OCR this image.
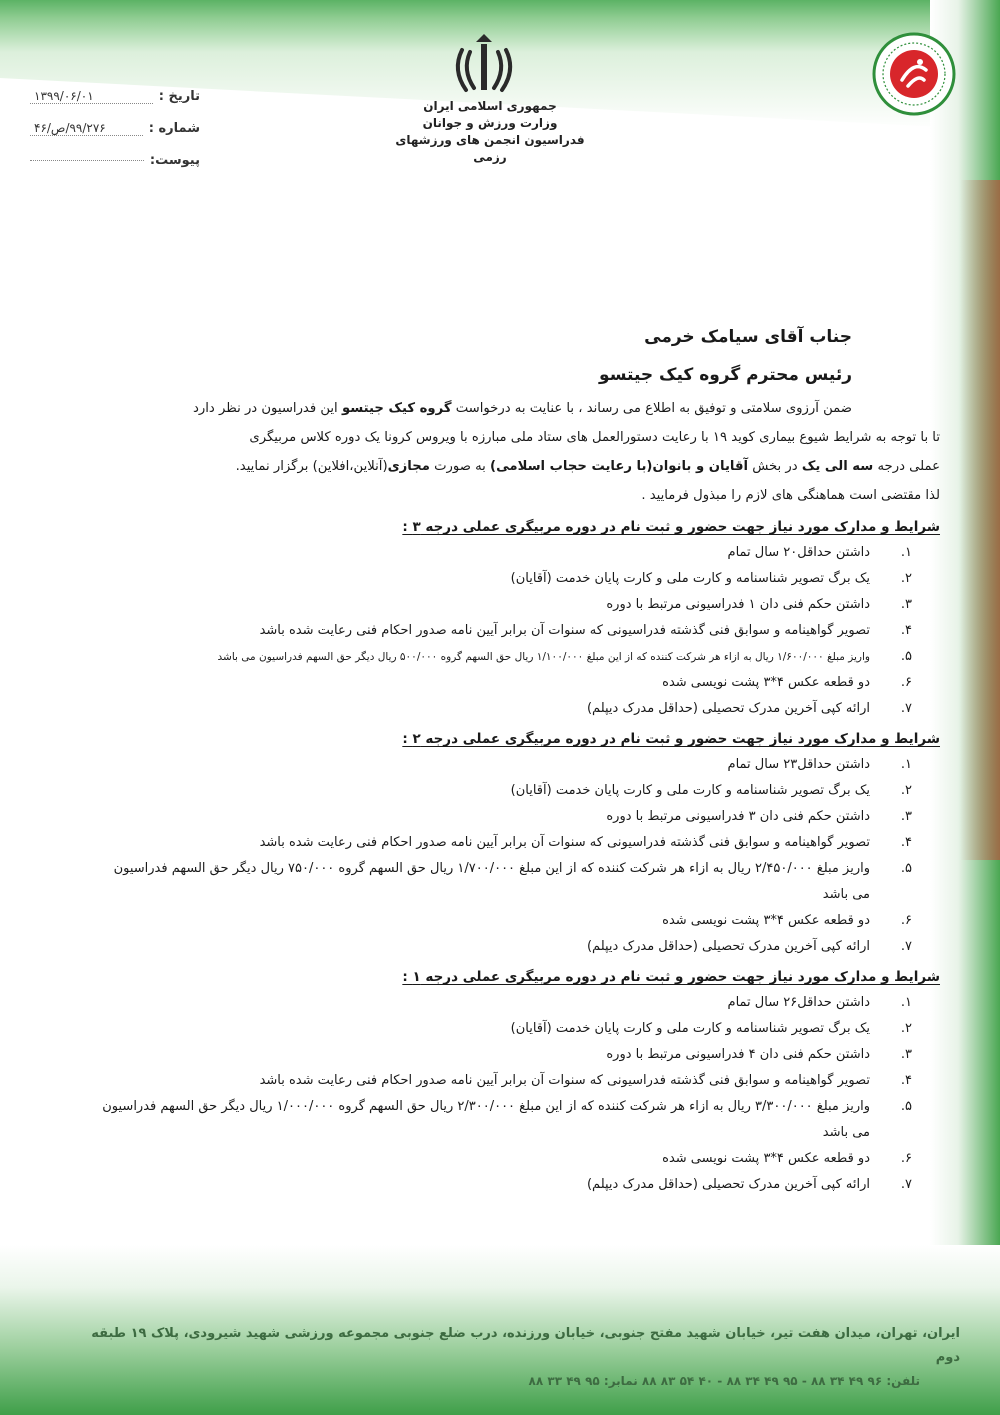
جمهوری اسلامی ایران
وزارت ورزش و جوانان
فدراسیون انجمن های ورزشهای رزمی
تاریخ :
۱۳۹۹/۰۶/۰۱
شماره :
۹۹/۲۷۶/ص/۴۶
پیوست:
جناب آقای سیامک خرمی
رئیس محترم گروه کیک جیتسو

ضمن آرزوی سلامتی و توفیق به اطلاع می رساند ، با عنایت به درخواست گروه کیک جیتسو این فدراسیون در نظر دارد

تا با توجه به شرایط شیوع بیماری کوید ۱۹ با رعایت دستورالعمل های ستاد ملی مبارزه با ویروس کرونا یک دوره کلاس مربیگری

عملی درجه سه الی یک در بخش آقایان و بانوان(با رعایت حجاب اسلامی) به صورت مجازی(آنلاین،افلاین) برگزار نمایید.

لذا مقتضی است هماهنگی های لازم را مبذول فرمایید .

شرایط و مدارک مورد نیاز جهت حضور و ثبت نام در دوره مربیگری عملی درجه ۳ :
۱.
داشتن حداقل۲۰ سال تمام
۲.
یک برگ تصویر شناسنامه و کارت ملی و کارت پایان خدمت (آقایان)
۳.
داشتن حکم فنی دان ۱ فدراسیونی مرتبط با دوره
۴.
تصویر گواهینامه و سوابق فنی گذشته فدراسیونی که سنوات آن برابر آیین نامه صدور احکام فنی رعایت شده باشد
۵.
واریز مبلغ ۱/۶۰۰/۰۰۰ ریال به ازاء هر شرکت کننده که از این مبلغ ۱/۱۰۰/۰۰۰ ریال حق السهم گروه ۵۰۰/۰۰۰ ریال دیگر حق السهم فدراسیون می باشد
۶.
دو قطعه عکس ۴*۳ پشت نویسی شده
۷.
ارائه کپی آخرین مدرک تحصیلی (حداقل مدرک دیپلم)
شرایط و مدارک مورد نیاز جهت حضور و ثبت نام در دوره مربیگری عملی درجه ۲ :
۱.
داشتن حداقل۲۳ سال تمام
۲.
یک برگ تصویر شناسنامه و کارت ملی و کارت پایان خدمت (آقایان)
۳.
داشتن حکم فنی دان ۳ فدراسیونی مرتبط با دوره
۴.
تصویر گواهینامه و سوابق فنی گذشته فدراسیونی که سنوات آن برابر آیین نامه صدور احکام فنی رعایت شده باشد
۵.
واریز مبلغ ۲/۴۵۰/۰۰۰ ریال به ازاء هر شرکت کننده که از این مبلغ ۱/۷۰۰/۰۰۰ ریال حق السهم گروه ۷۵۰/۰۰۰ ریال دیگر حق السهم فدراسیون می باشد
۶.
دو قطعه عکس ۴*۳ پشت نویسی شده
۷.
ارائه کپی آخرین مدرک تحصیلی (حداقل مدرک دیپلم)
شرایط و مدارک مورد نیاز جهت حضور و ثبت نام در دوره مربیگری عملی درجه ۱ :
۱.
داشتن حداقل۲۶ سال تمام
۲.
یک برگ تصویر شناسنامه و کارت ملی و کارت پایان خدمت (آقایان)
۳.
داشتن حکم فنی دان ۴ فدراسیونی مرتبط با دوره
۴.
تصویر گواهینامه و سوابق فنی گذشته فدراسیونی که سنوات آن برابر آیین نامه صدور احکام فنی رعایت شده باشد
۵.
واریز مبلغ ۳/۳۰۰/۰۰۰ ریال به ازاء هر شرکت کننده که از این مبلغ ۲/۳۰۰/۰۰۰ ریال حق السهم گروه ۱/۰۰۰/۰۰۰ ریال دیگر حق السهم فدراسیون می باشد
۶.
دو قطعه عکس ۴*۳ پشت نویسی شده
۷.
ارائه کپی آخرین مدرک تحصیلی (حداقل مدرک دیپلم)
ایران، تهران، میدان هفت تیر، خیابان شهید مفتح جنوبی، خیابان ورزنده، درب ضلع جنوبی مجموعه ورزشی شهید شیرودی، پلاک ۱۹ طبقه دوم
تلفن: ۹۶ ۴۹ ۳۴ ۸۸ - ۹۵ ۴۹ ۳۴ ۸۸ - ۴۰ ۵۴ ۸۳ ۸۸ نمابر: ۹۵ ۴۹ ۳۳ ۸۸
